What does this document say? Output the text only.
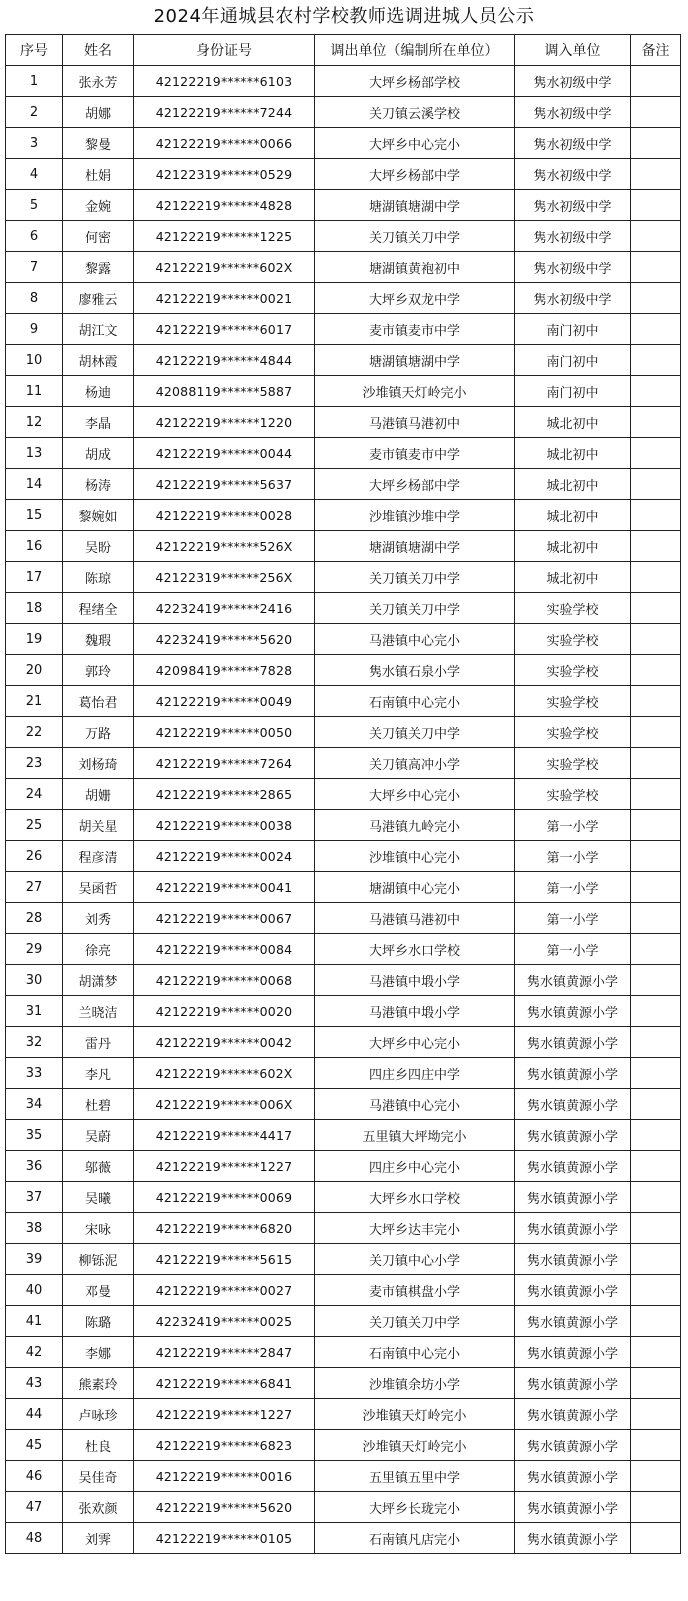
2024年通城县农村学校教师选调进城人员公示
序号	姓名	身份证号	调出单位（编制所在单位）	调入单位	备注
1	张永芳	42122219******6103	大坪乡杨部学校	隽水初级中学	
2	胡娜	42122219******7244	关刀镇云溪学校	隽水初级中学	
3	黎曼	42122219******0066	大坪乡中心完小	隽水初级中学	
4	杜娟	42122319******0529	大坪乡杨部中学	隽水初级中学	
5	金婉	42122219******4828	塘湖镇塘湖中学	隽水初级中学	
6	何密	42122219******1225	关刀镇关刀中学	隽水初级中学	
7	黎露	42122219******602X	塘湖镇黄袍初中	隽水初级中学	
8	廖雅云	42122219******0021	大坪乡双龙中学	隽水初级中学	
9	胡江文	42122219******6017	麦市镇麦市中学	南门初中	
10	胡林霞	42122219******4844	塘湖镇塘湖中学	南门初中	
11	杨迪	42088119******5887	沙堆镇天灯岭完小	南门初中	
12	李晶	42122219******1220	马港镇马港初中	城北初中	
13	胡成	42122219******0044	麦市镇麦市中学	城北初中	
14	杨涛	42122219******5637	大坪乡杨部中学	城北初中	
15	黎婉如	42122219******0028	沙堆镇沙堆中学	城北初中	
16	吴盼	42122219******526X	塘湖镇塘湖中学	城北初中	
17	陈琼	42122319******256X	关刀镇关刀中学	城北初中	
18	程绪全	42232419******2416	关刀镇关刀中学	实验学校	
19	魏瑕	42232419******5620	马港镇中心完小	实验学校	
20	郭玲	42098419******7828	隽水镇石泉小学	实验学校	
21	葛怡君	42122219******0049	石南镇中心完小	实验学校	
22	万路	42122219******0050	关刀镇关刀中学	实验学校	
23	刘杨琦	42122219******7264	关刀镇高冲小学	实验学校	
24	胡姗	42122219******2865	大坪乡中心完小	实验学校	
25	胡关星	42122219******0038	马港镇九岭完小	第一小学	
26	程彦清	42122219******0024	沙堆镇中心完小	第一小学	
27	吴函哲	42122219******0041	塘湖镇中心完小	第一小学	
28	刘秀	42122219******0067	马港镇马港初中	第一小学	
29	徐亮	42122219******0084	大坪乡水口学校	第一小学	
30	胡潇梦	42122219******0068	马港镇中塅小学	隽水镇黄源小学	
31	兰晓洁	42122219******0020	马港镇中塅小学	隽水镇黄源小学	
32	雷丹	42122219******0042	大坪乡中心完小	隽水镇黄源小学	
33	李凡	42122219******602X	四庄乡四庄中学	隽水镇黄源小学	
34	杜碧	42122219******006X	马港镇中心完小	隽水镇黄源小学	
35	吴蔚	42122219******4417	五里镇大坪坳完小	隽水镇黄源小学	
36	邬薇	42122219******1227	四庄乡中心完小	隽水镇黄源小学	
37	吴曦	42122219******0069	大坪乡水口学校	隽水镇黄源小学	
38	宋咏	42122219******6820	大坪乡达丰完小	隽水镇黄源小学	
39	柳铄泥	42122219******5615	关刀镇中心小学	隽水镇黄源小学	
40	邓曼	42122219******0027	麦市镇棋盘小学	隽水镇黄源小学	
41	陈璐	42232419******0025	关刀镇关刀中学	隽水镇黄源小学	
42	李娜	42122219******2847	石南镇中心完小	隽水镇黄源小学	
43	熊素玲	42122219******6841	沙堆镇余坊小学	隽水镇黄源小学	
44	卢咏珍	42122219******1227	沙堆镇天灯岭完小	隽水镇黄源小学	
45	杜良	42122219******6823	沙堆镇天灯岭完小	隽水镇黄源小学	
46	吴佳奇	42122219******0016	五里镇五里中学	隽水镇黄源小学	
47	张欢颜	42122219******5620	大坪乡长珑完小	隽水镇黄源小学	
48	刘霁	42122219******0105	石南镇凡店完小	隽水镇黄源小学	
